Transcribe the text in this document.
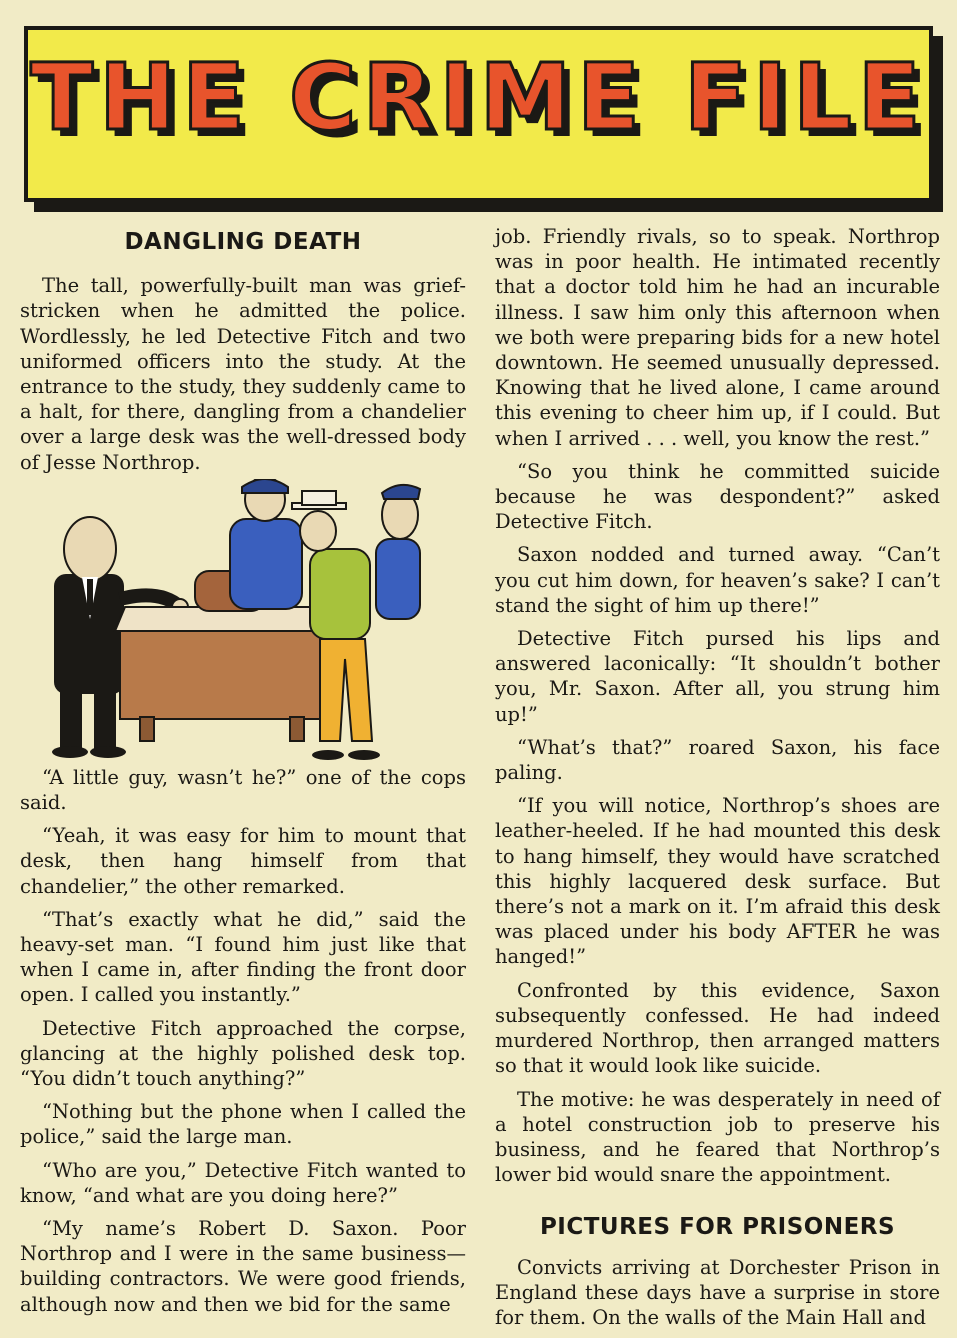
THE CRIME FILE
DANGLING DEATH

The tall, powerfully-built man was grief-stricken when he admitted the police. Wordlessly, he led Detective Fitch and two uniformed officers into the study. At the entrance to the study, they suddenly came to a halt, for there, dangling from a chandelier over a large desk was the well-dressed body of Jesse Northrop.

“A little guy, wasn’t he?” one of the cops said.

“Yeah, it was easy for him to mount that desk, then hang himself from that chandelier,” the other remarked.

“That’s exactly what he did,” said the heavy-set man. “I found him just like that when I came in, after finding the front door open. I called you instantly.”

Detective Fitch approached the corpse, glancing at the highly polished desk top. “You didn’t touch anything?”

“Nothing but the phone when I called the police,” said the large man.

“Who are you,” Detective Fitch wanted to know, “and what are you doing here?”

“My name’s Robert D. Saxon. Poor Northrop and I were in the same business—building contractors. We were good friends, although now and then we bid for the same

job. Friendly rivals, so to speak. Northrop was in poor health. He intimated recently that a doctor told him he had an incurable illness. I saw him only this afternoon when we both were preparing bids for a new hotel downtown. He seemed unusually depressed. Knowing that he lived alone, I came around this evening to cheer him up, if I could. But when I arrived . . . well, you know the rest.”

“So you think he committed suicide because he was despondent?” asked Detective Fitch.

Saxon nodded and turned away. “Can’t you cut him down, for heaven’s sake? I can’t stand the sight of him up there!”

Detective Fitch pursed his lips and answered laconically: “It shouldn’t bother you, Mr. Saxon. After all, you strung him up!”

“What’s that?” roared Saxon, his face paling.

“If you will notice, Northrop’s shoes are leather-heeled. If he had mounted this desk to hang himself, they would have scratched this highly lacquered desk surface. But there’s not a mark on it. I’m afraid this desk was placed under his body AFTER he was hanged!”

Confronted by this evidence, Saxon subsequently confessed. He had indeed murdered Northrop, then arranged matters so that it would look like suicide.

The motive: he was desperately in need of a hotel construction job to preserve his business, and he feared that Northrop’s lower bid would snare the appointment.

PICTURES FOR PRISONERS

Convicts arriving at Dorchester Prison in England these days have a surprise in store for them. On the walls of the Main Hall and
